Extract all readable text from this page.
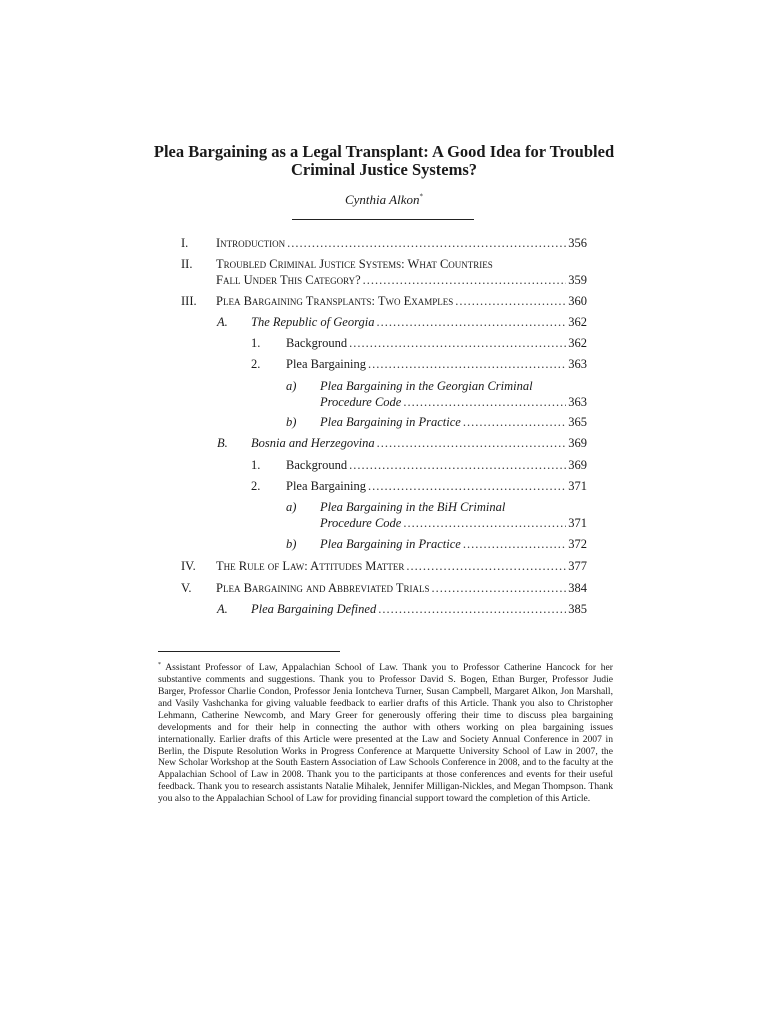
Plea Bargaining as a Legal Transplant: A Good Idea for Troubled Criminal Justice Systems?
Cynthia Alkon*
I. Introduction .....	356
II. Troubled Criminal Justice Systems: What Countries
Fall Under This Category? .....	359
III. Plea Bargaining Transplants: Two Examples .....	360
A. The Republic of Georgia .....	362
1. Background .....	362
2. Plea Bargaining .....	363
a) Plea Bargaining in the Georgian Criminal
Procedure Code .....	363
b) Plea Bargaining in Practice .....	365
B. Bosnia and Herzegovina .....	369
1. Background .....	369
2. Plea Bargaining .....	371
a) Plea Bargaining in the BiH Criminal
Procedure Code .....	371
b) Plea Bargaining in Practice .....	372
IV. The Rule of Law: Attitudes Matter .....	377
V. Plea Bargaining and Abbreviated Trials .....	384
A. Plea Bargaining Defined .....	385
* Assistant Professor of Law, Appalachian School of Law. Thank you to Professor Catherine Hancock for her substantive comments and suggestions. Thank you to Professor David S. Bogen, Ethan Burger, Professor Judie Barger, Professor Charlie Condon, Professor Jenia Iontcheva Turner, Susan Campbell, Margaret Alkon, Jon Marshall, and Vasily Vashchanka for giving valuable feedback to earlier drafts of this Article. Thank you also to Christopher Lehmann, Catherine Newcomb, and Mary Greer for generously offering their time to discuss plea bargaining developments and for their help in connecting the author with others working on plea bargaining issues internationally. Earlier drafts of this Article were presented at the Law and Society Annual Conference in 2007 in Berlin, the Dispute Resolution Works in Progress Conference at Marquette University School of Law in 2007, the New Scholar Workshop at the South Eastern Association of Law Schools Conference in 2008, and to the faculty at the Appalachian School of Law in 2008. Thank you to the participants at those conferences and events for their useful feedback. Thank you to research assistants Natalie Mihalek, Jennifer Milligan-Nickles, and Megan Thompson. Thank you also to the Appalachian School of Law for providing financial support toward the completion of this Article.
